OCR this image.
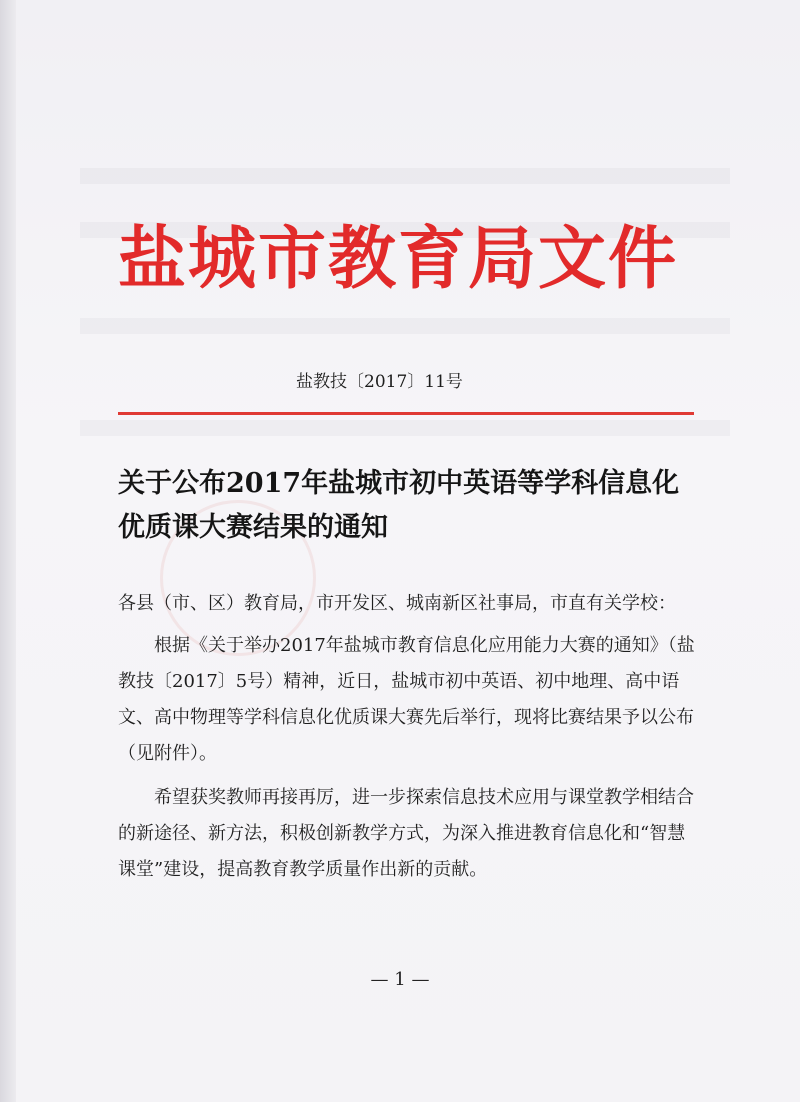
盐城市教育局文件
盐教技〔2017〕11号
关于公布2017年盐城市初中英语等学科信息化
优质课大赛结果的通知

各县（市、区）教育局，市开发区、城南新区社事局，市直有关学校：

根据《关于举办2017年盐城市教育信息化应用能力大赛的通知》（盐教技〔2017〕5号）精神，近日，盐城市初中英语、初中地理、高中语文、高中物理等学科信息化优质课大赛先后举行，现将比赛结果予以公布（见附件）。

希望获奖教师再接再厉，进一步探索信息技术应用与课堂教学相结合的新途径、新方法，积极创新教学方式，为深入推进教育信息化和“智慧课堂”建设，提高教育教学质量作出新的贡献。

— 1 —
